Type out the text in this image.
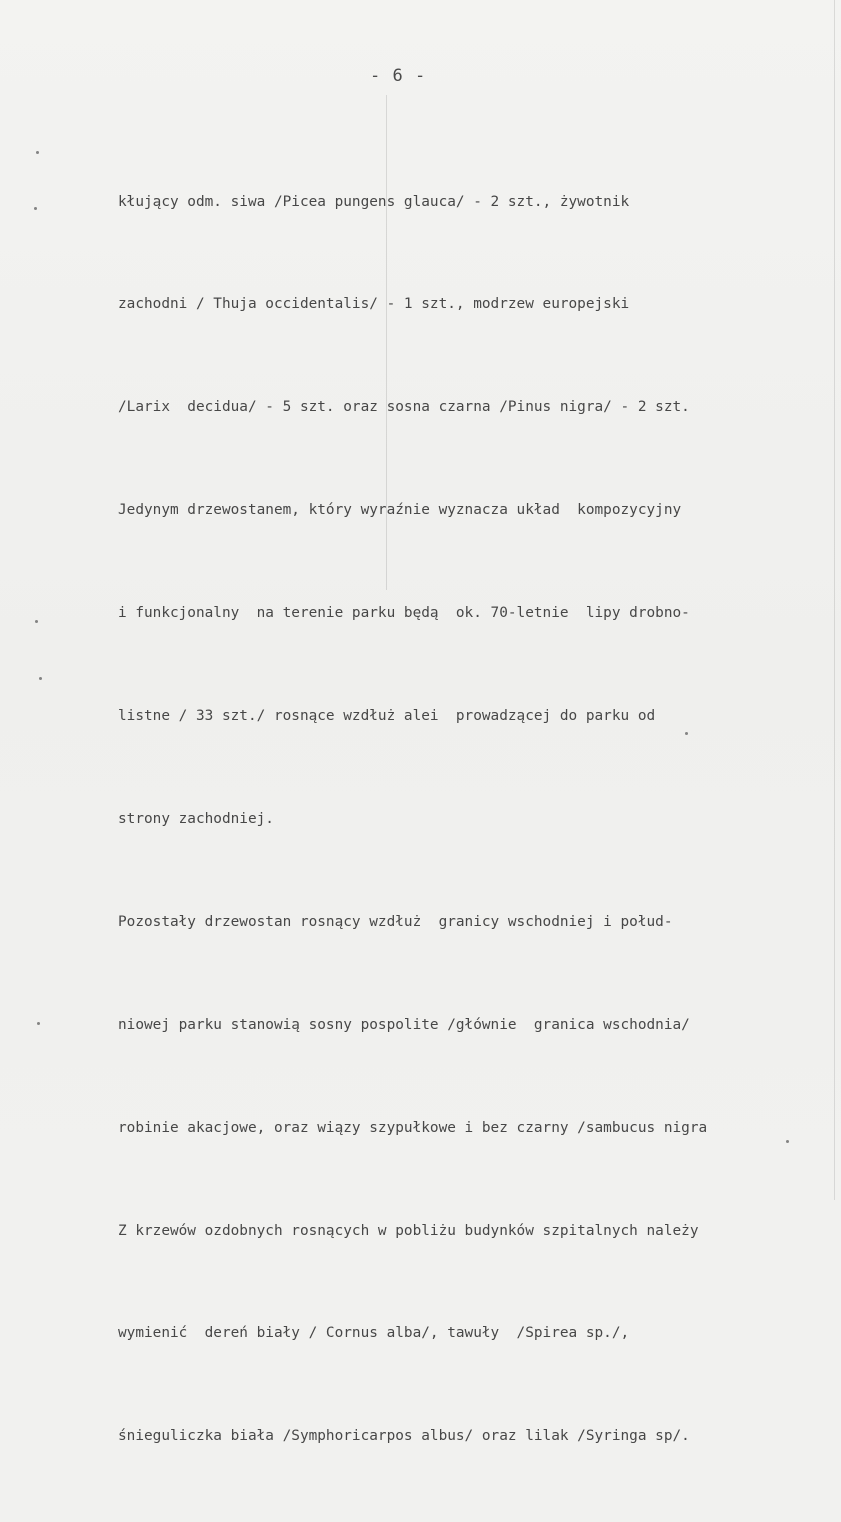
- 6 -

kłujący odm. siwa /Picea pungens glauca/ - 2 szt., żywotnik

zachodni / Thuja occidentalis/ - 1 szt., modrzew europejski

/Larix  decidua/ - 5 szt. oraz sosna czarna /Pinus nigra/ - 2 szt.

Jedynym drzewostanem, który wyraźnie wyznacza układ  kompozycyjny

i funkcjonalny  na terenie parku będą  ok. 70-letnie  lipy drobno-

listne / 33 szt./ rosnące wzdłuż alei  prowadzącej do parku od

strony zachodniej.

Pozostały drzewostan rosnący wzdłuż  granicy wschodniej i połud-

niowej parku stanowią sosny pospolite /głównie  granica wschodnia/

robinie akacjowe, oraz wiązy szypułkowe i bez czarny /sambucus nigra

Z krzewów ozdobnych rosnących w pobliżu budynków szpitalnych należy

wymienić  dereń biały / Cornus alba/, tawuły  /Spirea sp./,

śnieguliczka biała /Symphoricarpos albus/ oraz lilak /Syringa sp/.
